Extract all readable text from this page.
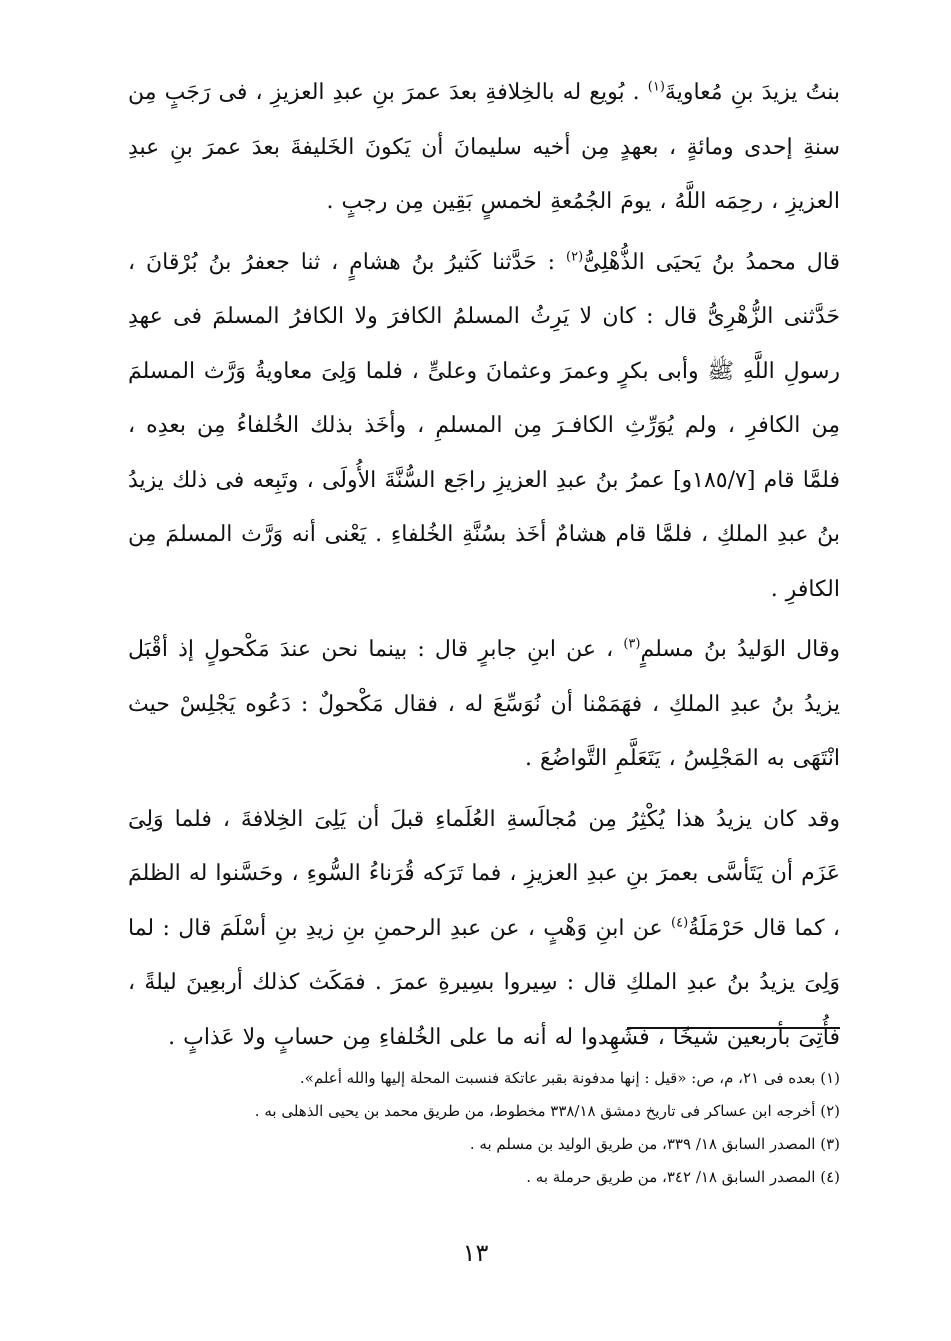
بنتُ يزيدَ بنِ مُعاويةَ$^{(١)}$ . بُويع له بالخِلافةِ بعدَ عمرَ بنِ عبدِ العزيزِ ، فى رَجَبٍ مِن سنةِ إحدى ومائةٍ ، بعهدٍ مِن أخيه سليمانَ أن يَكونَ الخَليفةَ بعدَ عمرَ بنِ عبدِ العزيزِ ، رحِمَه اللَّهُ ، يومَ الجُمُعةِ لخمسٍ بَقِين مِن رجبٍ .

قال محمدُ بنُ يَحيَى الذُّهْلِىُّ$^{(٢)}$ : حَدَّثنا كَثيرُ بنُ هشامٍ ، ثنا جعفرُ بنُ بُرْقانَ ، حَدَّثنى الزُّهْرِىُّ قال : كان لا يَرِثُ المسلمُ الكافرَ ولا الكافرُ المسلمَ فى عهدِ رسولِ اللَّهِ ﷺ وأبى بكرٍ وعمرَ وعثمانَ وعلىٍّ ، فلما وَلِىَ معاويةُ وَرَّث المسلمَ مِن الكافرِ ، ولم يُوَرِّثِ الكافـرَ مِن المسلمِ ، وأخَذ بذلك الخُلفاءُ مِن بعدِه ، فلمَّا قام [١٨٥/٧و] عمرُ بنُ عبدِ العزيزِ راجَع السُّنَّةَ الأُولَى ، وتَبِعه فى ذلك يزيدُ بنُ عبدِ الملكِ ، فلمَّا قام هشامٌ أخَذ بسُنَّةِ الخُلفاءِ . يَعْنى أنه وَرَّث المسلمَ مِن الكافرِ .

وقال الوَليدُ بنُ مسلمٍ$^{(٣)}$ ، عن ابنِ جابرٍ قال : بينما نحن عندَ مَكْحولٍ إذ أقْبَل يزيدُ بنُ عبدِ الملكِ ، فهَمَمْنا أن نُوَسِّعَ له ، فقال مَكْحولٌ : دَعُوه يَجْلِسْ حيث انْتَهَى به المَجْلِسُ ، يَتَعَلَّمِ التَّواضُعَ .

وقد كان يزيدُ هذا يُكْثِرُ مِن مُجالَسةِ العُلَماءِ قبلَ أن يَلِىَ الخِلافةَ ، فلما وَلِىَ عَزَم أن يَتَأسَّى بعمرَ بنِ عبدِ العزيزِ ، فما تَرَكه قُرَناءُ السُّوءِ ، وحَسَّنوا له الظلمَ ، كما قال حَرْمَلَةُ$^{(٤)}$ عن ابنِ وَهْبٍ ، عن عبدِ الرحمنِ بنِ زيدِ بنِ أسْلَمَ قال : لما وَلِىَ يزيدُ بنُ عبدِ الملكِ قال : سِيروا بسِيرةِ عمرَ . فمَكَث كذلك أربعِينَ ليلةً ، فأُتِىَ بأربعين شيخًا ، فشَهِدوا له أنه ما على الخُلفاءِ مِن حسابٍ ولا عَذابٍ .

(١) بعده فى ٢١، م، ص: «قيل : إنها مدفونة بقبر عاتكة فنسبت المحلة إليها والله أعلم».

(٢) أخرجه ابن عساكر فى تاريخ دمشق ٣٣٨/١٨ مخطوط، من طريق محمد بن يحيى الذهلى به .

(٣) المصدر السابق ١٨/ ٣٣٩، من طريق الوليد بن مسلم به .

(٤) المصدر السابق ١٨/ ٣٤٢، من طريق حرملة به .

١٣
